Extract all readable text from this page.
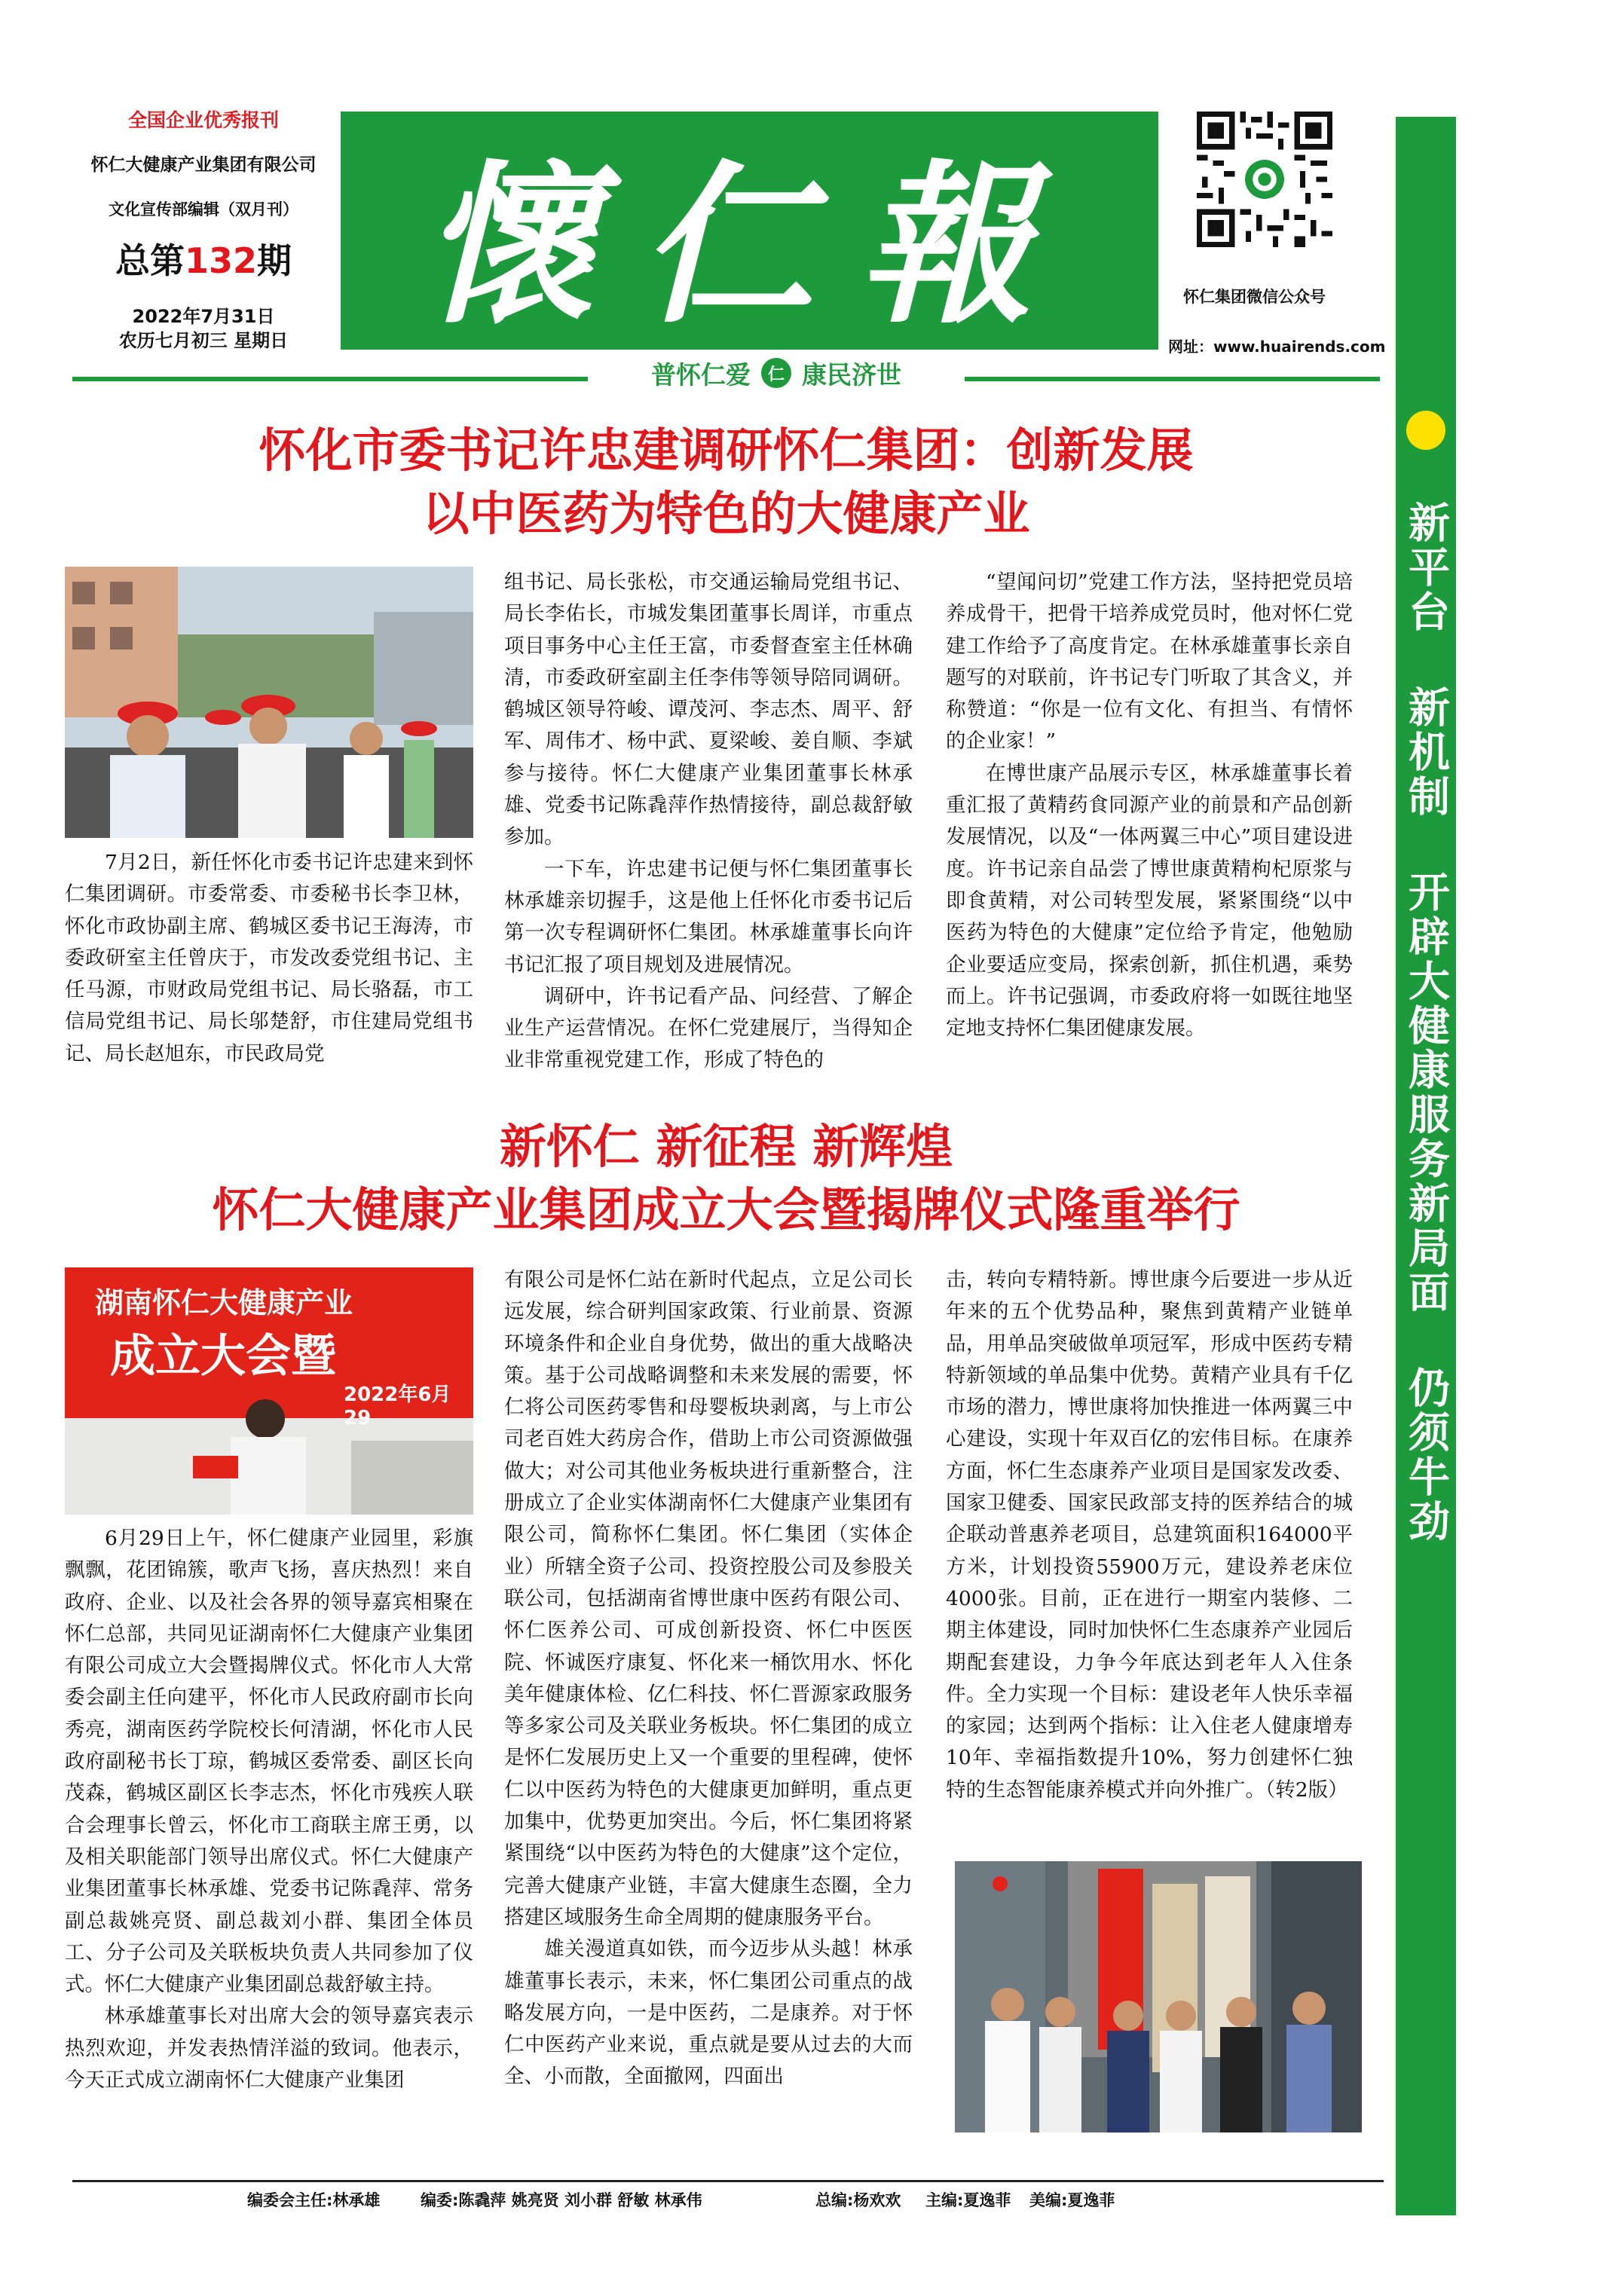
全国企业优秀报刊
怀仁大健康产业集团有限公司
文化宣传部编辑（双月刊）
总第132期
2022年7月31日
农历七月初三 星期日 懷仁報	怀仁集团微信公众号
网址：www.huairends.com
普怀仁爱	仁 康民济世
新平台 新机制 开辟大健康服务新局面 仍须牛劲
怀化市委书记许忠建调研怀仁集团：创新发展
以中医药为特色的大健康产业

7月2日，新任怀化市委书记许忠建来到怀仁集团调研。市委常委、市委秘书长李卫林，怀化市政协副主席、鹤城区委书记王海涛，市委政研室主任曾庆于，市发改委党组书记、主任马源，市财政局党组书记、局长骆磊，市工信局党组书记、局长邬楚舒，市住建局党组书记、局长赵旭东，市民政局党

组书记、局长张松，市交通运输局党组书记、局长李佑长，市城发集团董事长周详，市重点项目事务中心主任王富，市委督查室主任林确清，市委政研室副主任李伟等领导陪同调研。鹤城区领导符峻、谭茂河、李志杰、周平、舒军、周伟才、杨中武、夏梁峻、姜自顺、李斌参与接待。怀仁大健康产业集团董事长林承雄、党委书记陈毳萍作热情接待，副总裁舒敏参加。

一下车，许忠建书记便与怀仁集团董事长林承雄亲切握手，这是他上任怀化市委书记后第一次专程调研怀仁集团。林承雄董事长向许书记汇报了项目规划及进展情况。

调研中，许书记看产品、问经营、了解企业生产运营情况。在怀仁党建展厅，当得知企业非常重视党建工作，形成了特色的

“望闻问切”党建工作方法，坚持把党员培养成骨干，把骨干培养成党员时，他对怀仁党建工作给予了高度肯定。在林承雄董事长亲自题写的对联前，许书记专门听取了其含义，并称赞道：“你是一位有文化、有担当、有情怀的企业家！”

在博世康产品展示专区，林承雄董事长着重汇报了黄精药食同源产业的前景和产品创新发展情况，以及“一体两翼三中心”项目建设进度。许书记亲自品尝了博世康黄精枸杞原浆与即食黄精，对公司转型发展，紧紧围绕“以中医药为特色的大健康”定位给予肯定，他勉励企业要适应变局，探索创新，抓住机遇，乘势而上。许书记强调，市委政府将一如既往地坚定地支持怀仁集团健康发展。

新怀仁 新征程 新辉煌
怀仁大健康产业集团成立大会暨揭牌仪式隆重举行
湖南怀仁大健康产业
成立大会暨
2022年6月29

6月29日上午，怀仁健康产业园里，彩旗飘飘，花团锦簇，歌声飞扬，喜庆热烈！来自政府、企业、以及社会各界的领导嘉宾相聚在怀仁总部，共同见证湖南怀仁大健康产业集团有限公司成立大会暨揭牌仪式。怀化市人大常委会副主任向建平，怀化市人民政府副市长向秀亮，湖南医药学院校长何清湖，怀化市人民政府副秘书长丁琼，鹤城区委常委、副区长向茂森，鹤城区副区长李志杰，怀化市残疾人联合会理事长曾云，怀化市工商联主席王勇，以及相关职能部门领导出席仪式。怀仁大健康产业集团董事长林承雄、党委书记陈毳萍、常务副总裁姚亮贤、副总裁刘小群、集团全体员工、分子公司及关联板块负责人共同参加了仪式。怀仁大健康产业集团副总裁舒敏主持。

林承雄董事长对出席大会的领导嘉宾表示热烈欢迎，并发表热情洋溢的致词。他表示，今天正式成立湖南怀仁大健康产业集团

有限公司是怀仁站在新时代起点，立足公司长远发展，综合研判国家政策、行业前景、资源环境条件和企业自身优势，做出的重大战略决策。基于公司战略调整和未来发展的需要，怀仁将公司医药零售和母婴板块剥离，与上市公司老百姓大药房合作，借助上市公司资源做强做大；对公司其他业务板块进行重新整合，注册成立了企业实体湖南怀仁大健康产业集团有限公司，简称怀仁集团。怀仁集团（实体企业）所辖全资子公司、投资控股公司及参股关联公司，包括湖南省博世康中医药有限公司、怀仁医养公司、可成创新投资、怀仁中医医院、怀诚医疗康复、怀化来一桶饮用水、怀化美年健康体检、亿仁科技、怀仁晋源家政服务等多家公司及关联业务板块。怀仁集团的成立是怀仁发展历史上又一个重要的里程碑，使怀仁以中医药为特色的大健康更加鲜明，重点更加集中，优势更加突出。今后，怀仁集团将紧紧围绕“以中医药为特色的大健康”这个定位，完善大健康产业链，丰富大健康生态圈，全力搭建区域服务生命全周期的健康服务平台。

雄关漫道真如铁，而今迈步从头越！林承雄董事长表示，未来，怀仁集团公司重点的战略发展方向，一是中医药，二是康养。对于怀仁中医药产业来说，重点就是要从过去的大而全、小而散，全面撤网，四面出

击，转向专精特新。博世康今后要进一步从近年来的五个优势品种，聚焦到黄精产业链单品，用单品突破做单项冠军，形成中医药专精特新领域的单品集中优势。黄精产业具有千亿市场的潜力，博世康将加快推进一体两翼三中心建设，实现十年双百亿的宏伟目标。在康养方面，怀仁生态康养产业项目是国家发改委、国家卫健委、国家民政部支持的医养结合的城企联动普惠养老项目，总建筑面积164000平方米，计划投资55900万元，建设养老床位4000张。目前，正在进行一期室内装修、二期主体建设，同时加快怀仁生态康养产业园后期配套建设，力争今年底达到老年人入住条件。全力实现一个目标：建设老年人快乐幸福的家园；达到两个指标：让入住老人健康增寿10年、幸福指数提升10%，努力创建怀仁独特的生态智能康养模式并向外推广。（转2版）

编委会主任:林承雄	编委:陈毳萍 姚亮贤 刘小群 舒敏 林承伟	总编:杨欢欢 主编:夏逸菲 美编:夏逸菲
